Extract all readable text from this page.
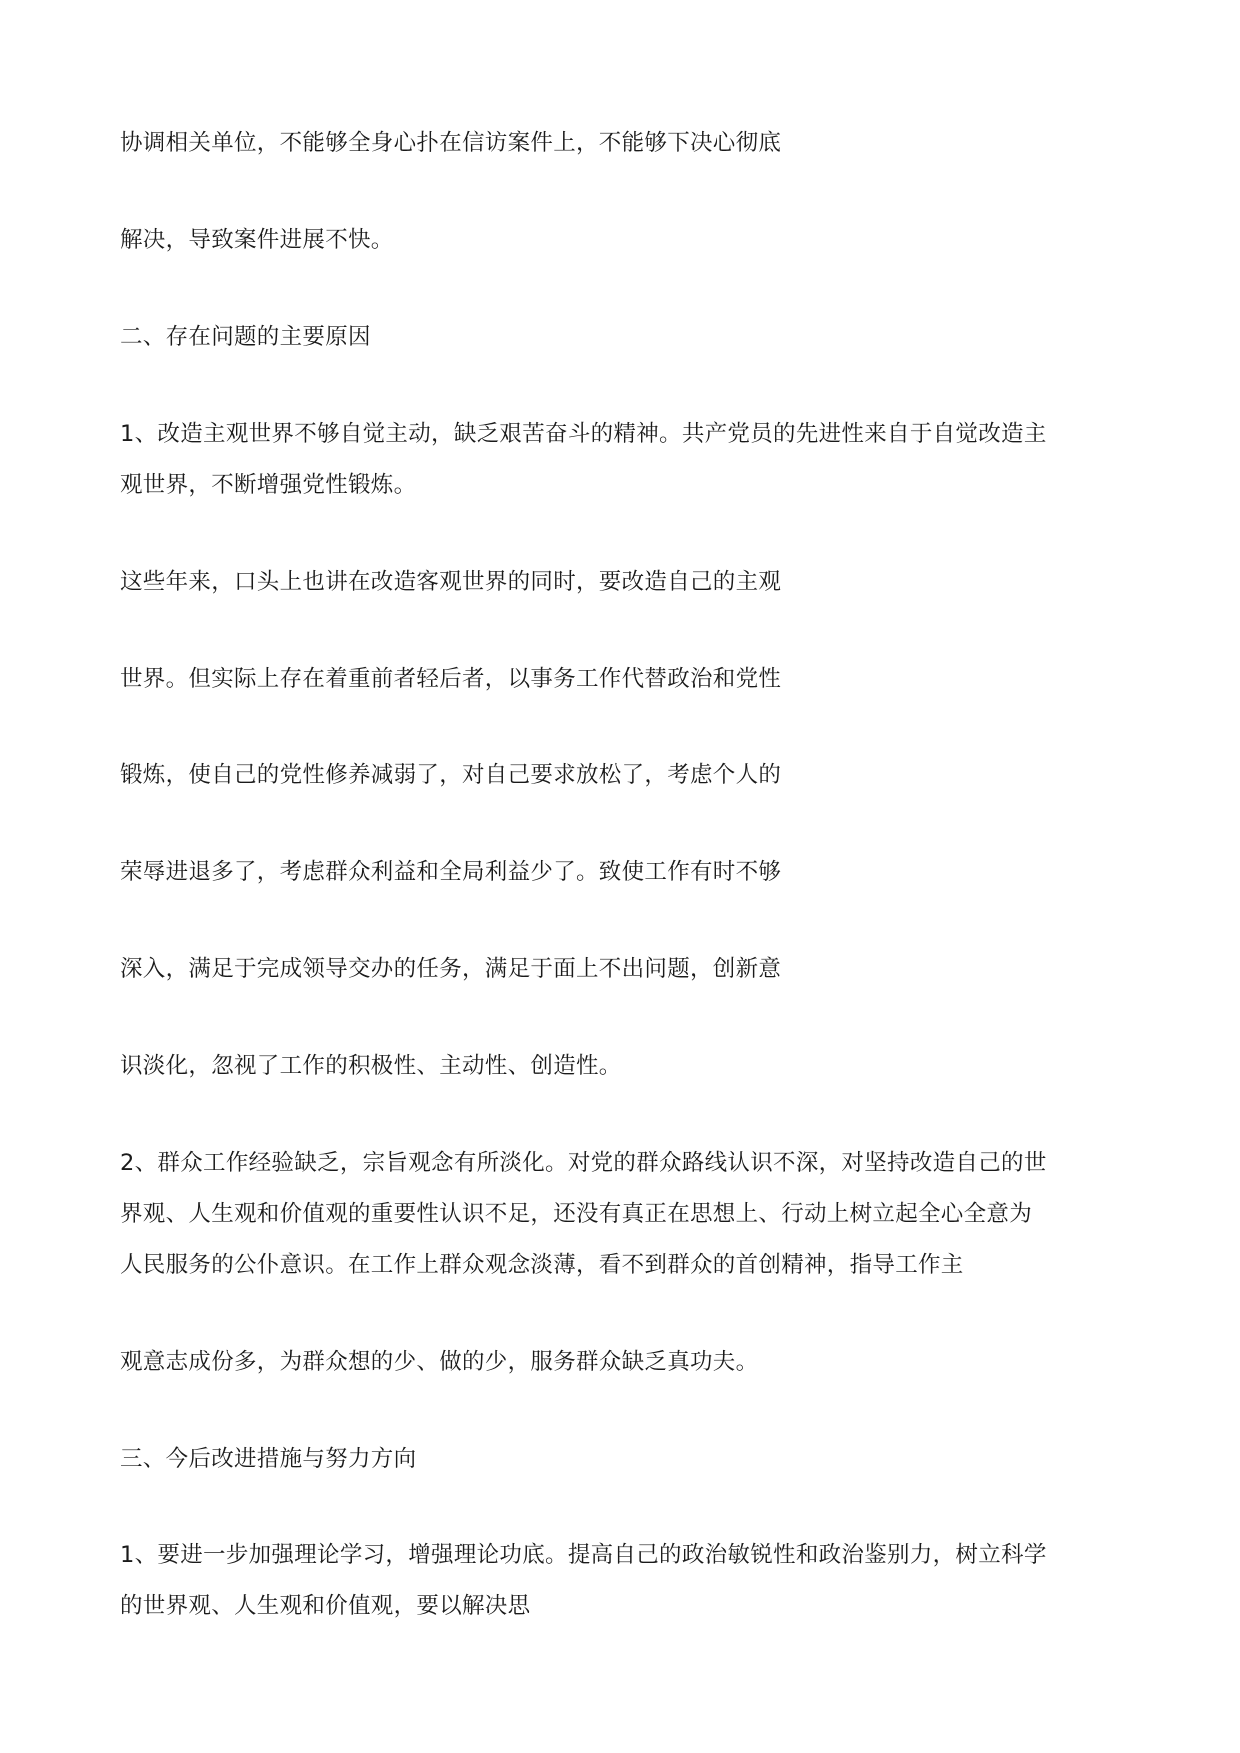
协调相关单位，不能够全身心扑在信访案件上，不能够下决心彻底
解决，导致案件进展不快。
二、存在问题的主要原因
1、改造主观世界不够自觉主动，缺乏艰苦奋斗的精神。共产党员的先进性来自于自觉改造主
观世界，不断增强党性锻炼。
这些年来，口头上也讲在改造客观世界的同时，要改造自己的主观
世界。但实际上存在着重前者轻后者，以事务工作代替政治和党性
锻炼，使自己的党性修养减弱了，对自己要求放松了，考虑个人的
荣辱进退多了，考虑群众利益和全局利益少了。致使工作有时不够
深入，满足于完成领导交办的任务，满足于面上不出问题，创新意
识淡化，忽视了工作的积极性、主动性、创造性。
2、群众工作经验缺乏，宗旨观念有所淡化。对党的群众路线认识不深，对坚持改造自己的世
界观、人生观和价值观的重要性认识不足，还没有真正在思想上、行动上树立起全心全意为
人民服务的公仆意识。在工作上群众观念淡薄，看不到群众的首创精神，指导工作主
观意志成份多，为群众想的少、做的少，服务群众缺乏真功夫。
三、今后改进措施与努力方向
1、要进一步加强理论学习，增强理论功底。提高自己的政治敏锐性和政治鉴别力，树立科学
的世界观、人生观和价值观，要以解决思
